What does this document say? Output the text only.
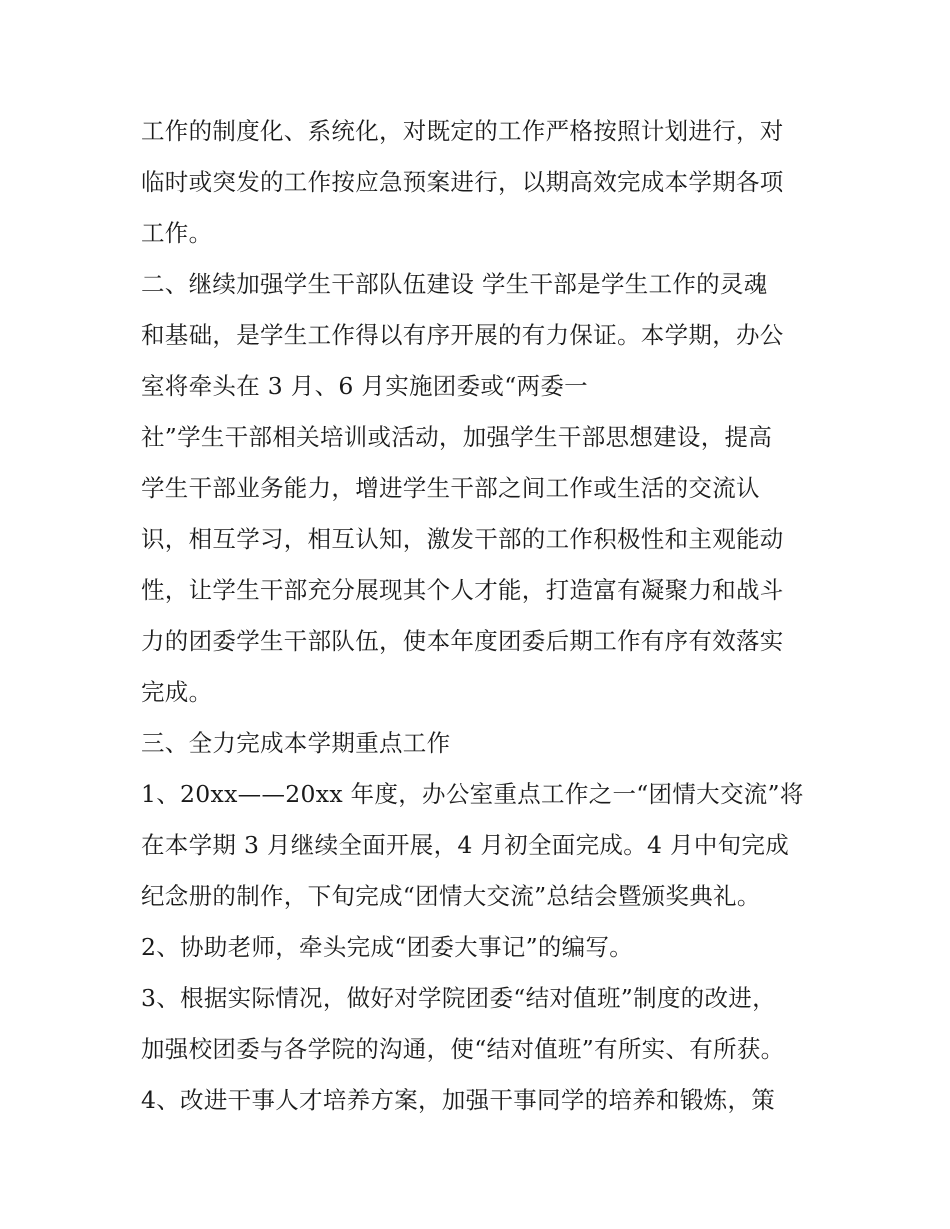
工作的制度化、系统化，对既定的工作严格按照计划进行，对
临时或突发的工作按应急预案进行，以期高效完成本学期各项
工作。
二、继续加强学生干部队伍建设 学生干部是学生工作的灵魂
和基础，是学生工作得以有序开展的有力保证。本学期，办公
室将牵头在 3 月、6 月实施团委或“两委一
社”学生干部相关培训或活动，加强学生干部思想建设，提高
学生干部业务能力，增进学生干部之间工作或生活的交流认
识，相互学习，相互认知，激发干部的工作积极性和主观能动
性，让学生干部充分展现其个人才能，打造富有凝聚力和战斗
力的团委学生干部队伍，使本年度团委后期工作有序有效落实
完成。
三、全力完成本学期重点工作
1、20xx——20xx 年度，办公室重点工作之一“团情大交流”将
在本学期 3 月继续全面开展，4 月初全面完成。4 月中旬完成
纪念册的制作，下旬完成“团情大交流”总结会暨颁奖典礼。
2、协助老师，牵头完成“团委大事记”的编写。
3、根据实际情况，做好对学院团委“结对值班”制度的改进，
加强校团委与各学院的沟通，使“结对值班”有所实、有所获。
4、改进干事人才培养方案，加强干事同学的培养和锻炼，策
